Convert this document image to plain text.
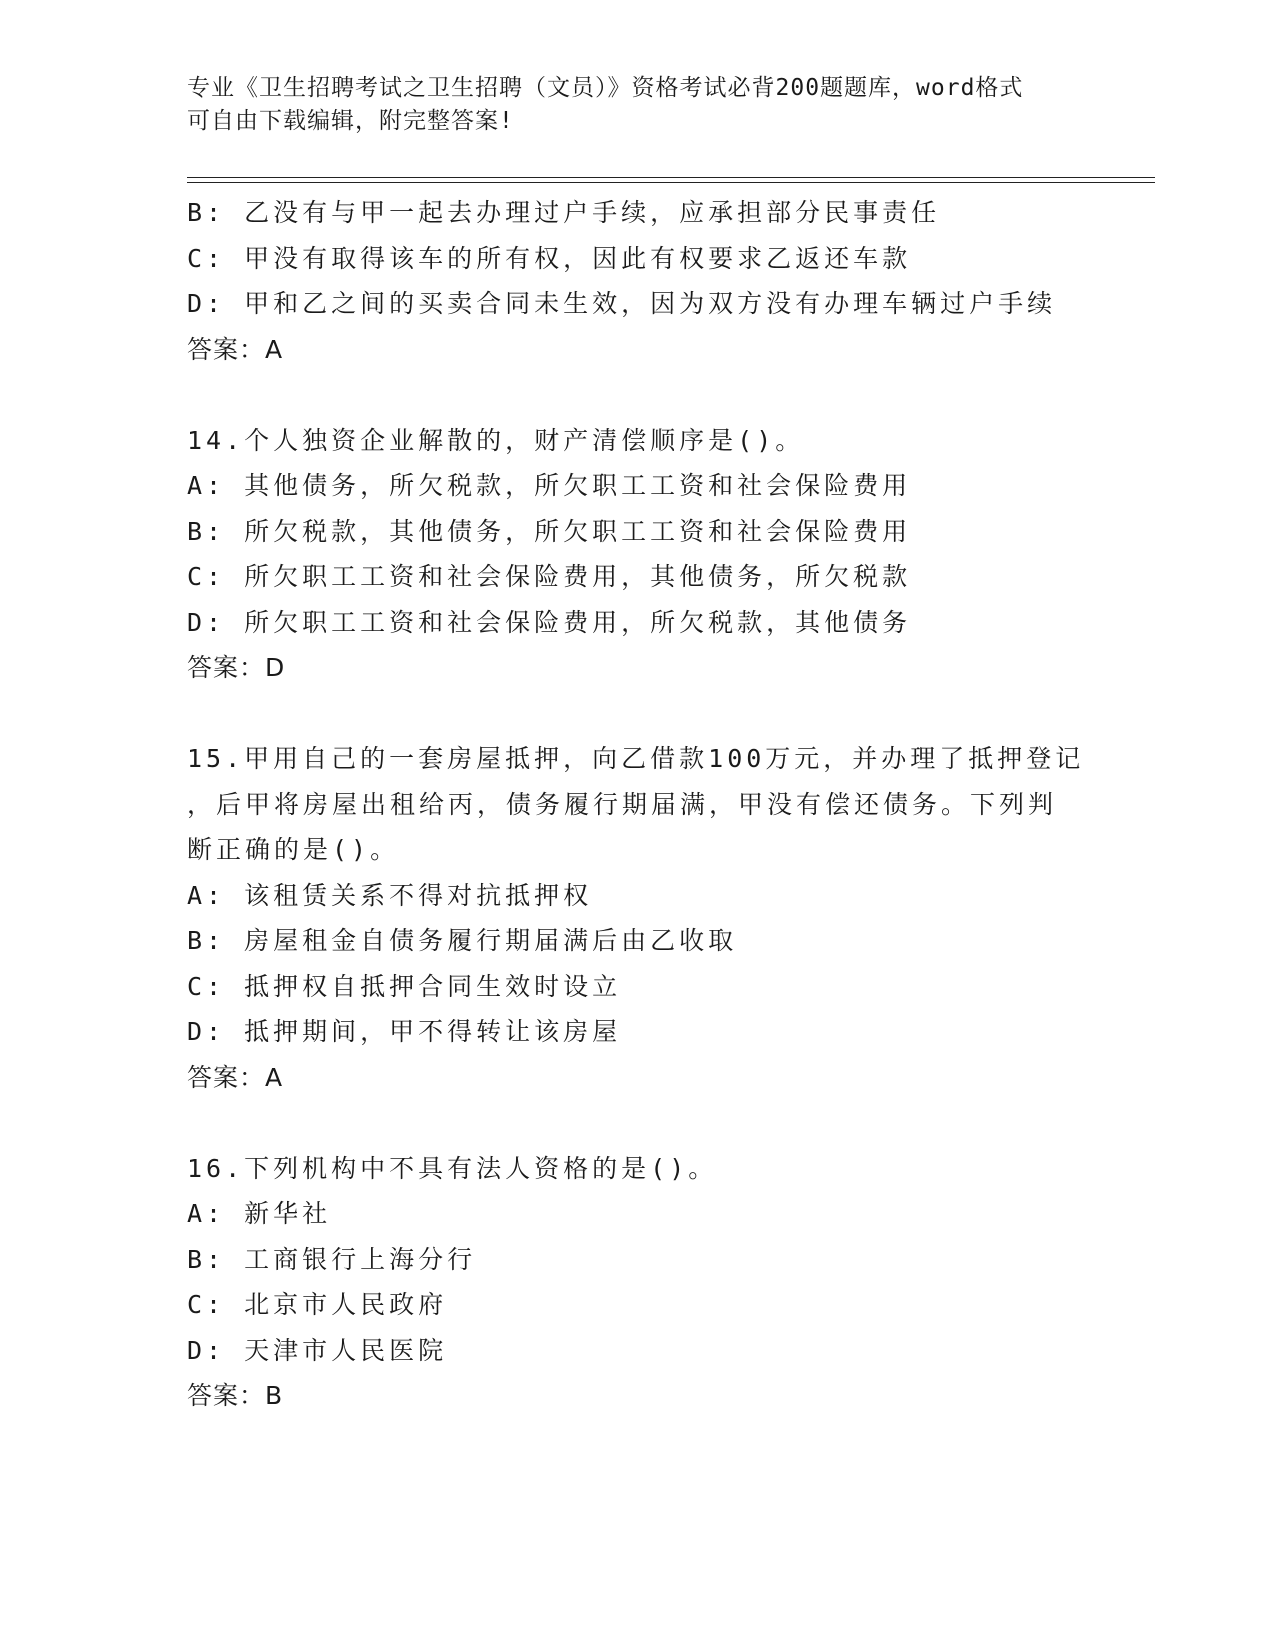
专业《卫生招聘考试之卫生招聘（文员）》资格考试必背200题题库，word格式
可自由下载编辑，附完整答案!
B: 乙没有与甲一起去办理过户手续，应承担部分民事责任
C: 甲没有取得该车的所有权，因此有权要求乙返还车款
D: 甲和乙之间的买卖合同未生效，因为双方没有办理车辆过户手续
答案：A
14.个人独资企业解散的，财产清偿顺序是()。
A: 其他债务，所欠税款，所欠职工工资和社会保险费用
B: 所欠税款，其他债务，所欠职工工资和社会保险费用
C: 所欠职工工资和社会保险费用，其他债务，所欠税款
D: 所欠职工工资和社会保险费用，所欠税款，其他债务
答案：D
15.甲用自己的一套房屋抵押，向乙借款100万元，并办理了抵押登记
，后甲将房屋出租给丙，债务履行期届满，甲没有偿还债务。下列判
断正确的是()。
A: 该租赁关系不得对抗抵押权
B: 房屋租金自债务履行期届满后由乙收取
C: 抵押权自抵押合同生效时设立
D: 抵押期间，甲不得转让该房屋
答案：A
16.下列机构中不具有法人资格的是()。
A: 新华社
B: 工商银行上海分行
C: 北京市人民政府
D: 天津市人民医院
答案：B
